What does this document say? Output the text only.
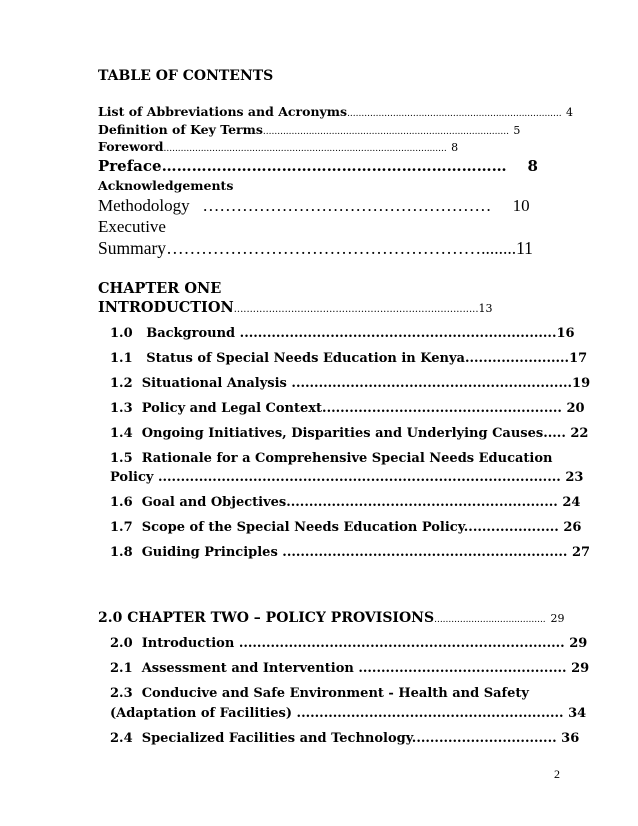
TABLE OF CONTENTS
List of Abbreviations and Acronyms........................................................................... 4
Definition of Key Terms...................................................................................... 5
Foreword................................................................................................... 8
Preface…………………………………………………………… 8
Acknowledgements
Methodology …………………………………………… 10
Executive
Summary………………………………………………........11
CHAPTER ONE
INTRODUCTION.............................................................................13
1.0 Background ......................................................................16
1.1 Status of Special Needs Education in Kenya.......................17
1.2 Situational Analysis ..............................................................19
1.3 Policy and Legal Context..................................................... 20
1.4 Ongoing Initiatives, Disparities and Underlying Causes..... 22
1.5 Rationale for a Comprehensive Special Needs Education
Policy ......................................................................................... 23
1.6 Goal and Objectives............................................................ 24
1.7 Scope of the Special Needs Education Policy..................... 26
1.8 Guiding Principles ............................................................... 27
2.0 CHAPTER TWO – POLICY PROVISIONS....................................... 29
2.0 Introduction ........................................................................ 29
2.1 Assessment and Intervention .............................................. 29
2.3 Conducive and Safe Environment - Health and Safety
(Adaptation of Facilities) ........................................................... 34
2.4 Specialized Facilities and Technology................................ 36
2
